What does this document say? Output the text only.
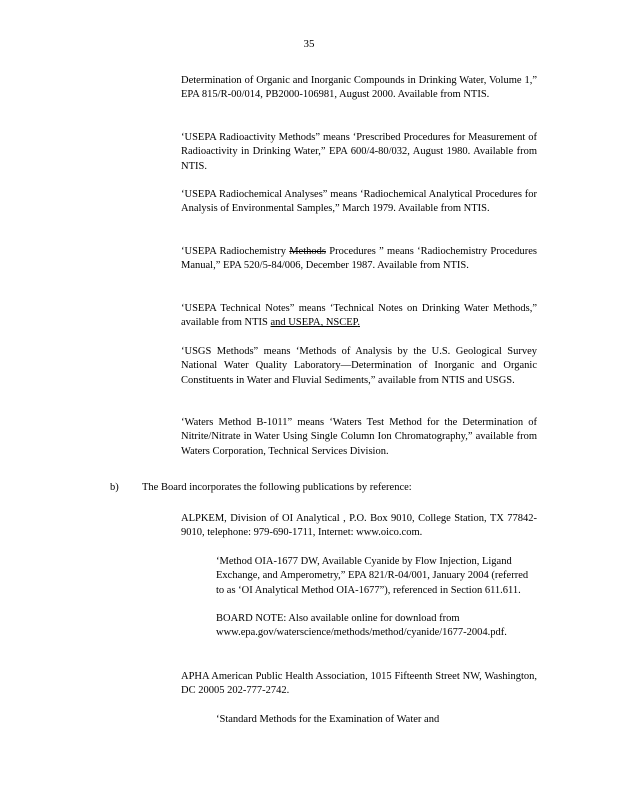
35
Determination of Organic and Inorganic Compounds in Drinking Water, Volume 1,” EPA 815/R-00/014, PB2000-106981, August 2000. Available from NTIS.
‘USEPA Radioactivity Methods” means ‘Prescribed Procedures for Measurement of Radioactivity in Drinking Water,” EPA 600/4-80/032, August 1980. Available from NTIS.
‘USEPA Radiochemical Analyses” means ‘Radiochemical Analytical Procedures for Analysis of Environmental Samples,” March 1979. Available from NTIS.
‘USEPA Radiochemistry Methods Procedures ” means ‘Radiochemistry Procedures Manual,” EPA 520/5-84/006, December 1987. Available from NTIS.
‘USEPA Technical Notes” means ‘Technical Notes on Drinking Water Methods,” available from NTIS and USEPA, NSCEP.
‘USGS Methods” means ‘Methods of Analysis by the U.S. Geological Survey National Water Quality Laboratory—Determination of Inorganic and Organic Constituents in Water and Fluvial Sediments,” available from NTIS and USGS.
‘Waters Method B-1011” means ‘Waters Test Method for the Determination of Nitrite/Nitrate in Water Using Single Column Ion Chromatography,” available from Waters Corporation, Technical Services Division.
b) The Board incorporates the following publications by reference:
ALPKEM, Division of OI Analytical , P.O. Box 9010, College Station, TX 77842-9010, telephone: 979-690-1711, Internet: www.oico.com.
‘Method OIA-1677 DW, Available Cyanide by Flow Injection, Ligand Exchange, and Amperometry,” EPA 821/R-04/001, January 2004 (referred to as ‘OI Analytical Method OIA-1677”), referenced in Section 611.611.
BOARD NOTE: Also available online for download from www.epa.gov/waterscience/methods/method/cyanide/1677-2004.pdf.
APHA American Public Health Association, 1015 Fifteenth Street NW, Washington, DC 20005 202-777-2742.
‘Standard Methods for the Examination of Water and
